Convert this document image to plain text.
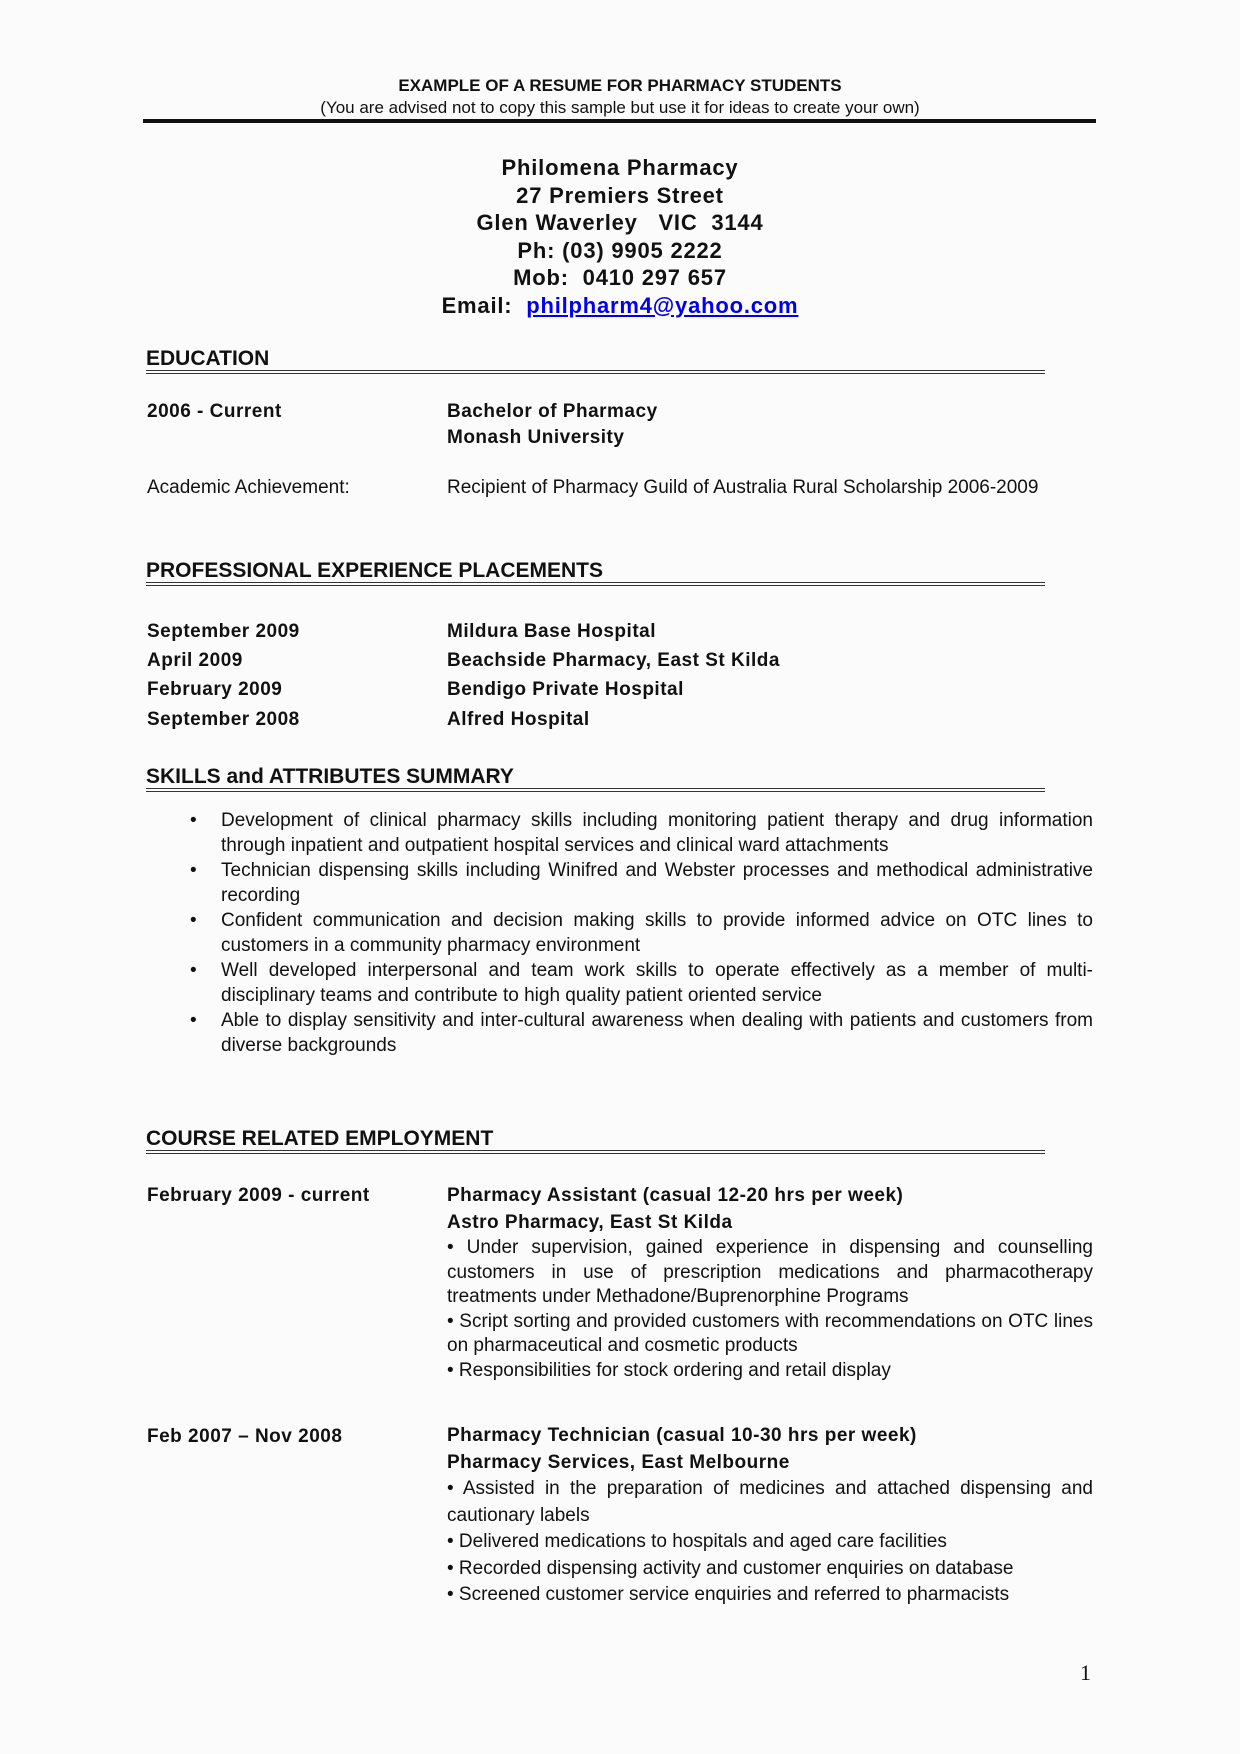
EXAMPLE OF A RESUME FOR PHARMACY STUDENTS
(You are advised not to copy this sample but use it for ideas to create your own)
Philomena Pharmacy
27 Premiers Street
Glen Waverley   VIC  3144
Ph: (03) 9905 2222
Mob:  0410 297 657
Email: philpharm4@yahoo.com
EDUCATION
2006 - Current	Bachelor of Pharmacy
Monash University
Academic Achievement:	Recipient of Pharmacy Guild of Australia Rural Scholarship 2006-2009
PROFESSIONAL EXPERIENCE PLACEMENTS
September 2009	Mildura Base Hospital
April 2009	Beachside Pharmacy, East St Kilda
February 2009	Bendigo Private Hospital
September 2008	Alfred Hospital
SKILLS and ATTRIBUTES SUMMARY
• Development of clinical pharmacy skills including monitoring patient therapy and drug information through inpatient and outpatient hospital services and clinical ward attachments
• Technician dispensing skills including Winifred and Webster processes and methodical administrative recording
• Confident communication and decision making skills to provide informed advice on OTC lines to customers in a community pharmacy environment
• Well developed interpersonal and team work skills to operate effectively as a member of multi-disciplinary teams and contribute to high quality patient oriented service
• Able to display sensitivity and inter-cultural awareness when dealing with patients and customers from diverse backgrounds
COURSE RELATED EMPLOYMENT
February 2009 - current	Pharmacy Assistant (casual 12-20 hrs per week)
Astro Pharmacy, East St Kilda
• Under supervision, gained experience in dispensing and counselling customers in use of prescription medications and pharmacotherapy treatments under Methadone/Buprenorphine Programs
• Script sorting and provided customers with recommendations on OTC lines on pharmaceutical and cosmetic products
• Responsibilities for stock ordering and retail display
Feb 2007 – Nov 2008	Pharmacy Technician (casual 10-30 hrs per week)
Pharmacy Services, East Melbourne
• Assisted in the preparation of medicines and attached dispensing and cautionary labels
• Delivered medications to hospitals and aged care facilities
• Recorded dispensing activity and customer enquiries on database
• Screened customer service enquiries and referred to pharmacists
1
